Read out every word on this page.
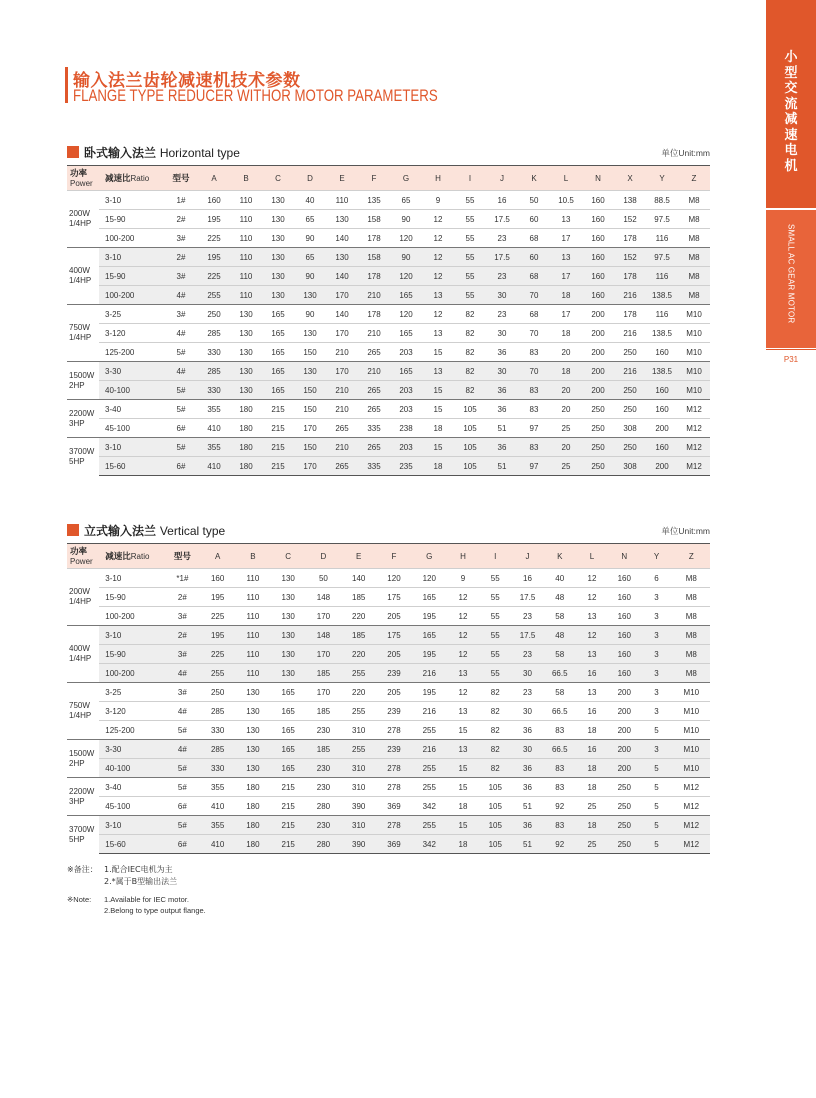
小
型
交
流
减
速
电
机
SMALL AC GEAR MOTOR
P31
输入法兰齿轮减速机技术参数
FLANGE TYPE REDUCER WITHOR MOTOR PARAMETERS
卧式输入法兰 Horizontal type	单位Unit:mm
功率
Power	减速比Ratio	型号	A	B	C	D	E	F	G	H	I	J	K	L	N	X	Y	Z
200W
1/4HP	3-10	1#	160	110	130	40	110	135	65	9	55	16	50	10.5	160	138	88.5	M8
	15-90	2#	195	110	130	65	130	158	90	12	55	17.5	60	13	160	152	97.5	M8
	100-200	3#	225	110	130	90	140	178	120	12	55	23	68	17	160	178	116	M8
400W
1/4HP	3-10	2#	195	110	130	65	130	158	90	12	55	17.5	60	13	160	152	97.5	M8
	15-90	3#	225	110	130	90	140	178	120	12	55	23	68	17	160	178	116	M8
	100-200	4#	255	110	130	130	170	210	165	13	55	30	70	18	160	216	138.5	M8
750W
1/4HP	3-25	3#	250	130	165	90	140	178	120	12	82	23	68	17	200	178	116	M10
	3-120	4#	285	130	165	130	170	210	165	13	82	30	70	18	200	216	138.5	M10
	125-200	5#	330	130	165	150	210	265	203	15	82	36	83	20	200	250	160	M10
1500W
2HP	3-30	4#	285	130	165	130	170	210	165	13	82	30	70	18	200	216	138.5	M10
	40-100	5#	330	130	165	150	210	265	203	15	82	36	83	20	200	250	160	M10
2200W
3HP	3-40	5#	355	180	215	150	210	265	203	15	105	36	83	20	250	250	160	M12
	45-100	6#	410	180	215	170	265	335	238	18	105	51	97	25	250	308	200	M12
3700W
5HP	3-10	5#	355	180	215	150	210	265	203	15	105	36	83	20	250	250	160	M12
	15-60	6#	410	180	215	170	265	335	235	18	105	51	97	25	250	308	200	M12
立式输入法兰 Vertical type	单位Unit:mm
功率
Power	减速比Ratio	型号	A	B	C	D	E	F	G	H	I	J	K	L	N	Y	Z
200W
1/4HP	3-10	*1#	160	110	130	50	140	120	120	9	55	16	40	12	160	6	M8
	15-90	2#	195	110	130	148	185	175	165	12	55	17.5	48	12	160	3	M8
	100-200	3#	225	110	130	170	220	205	195	12	55	23	58	13	160	3	M8
400W
1/4HP	3-10	2#	195	110	130	148	185	175	165	12	55	17.5	48	12	160	3	M8
	15-90	3#	225	110	130	170	220	205	195	12	55	23	58	13	160	3	M8
	100-200	4#	255	110	130	185	255	239	216	13	55	30	66.5	16	160	3	M8
750W
1/4HP	3-25	3#	250	130	165	170	220	205	195	12	82	23	58	13	200	3	M10
	3-120	4#	285	130	165	185	255	239	216	13	82	30	66.5	16	200	3	M10
	125-200	5#	330	130	165	230	310	278	255	15	82	36	83	18	200	5	M10
1500W
2HP	3-30	4#	285	130	165	185	255	239	216	13	82	30	66.5	16	200	3	M10
	40-100	5#	330	130	165	230	310	278	255	15	82	36	83	18	200	5	M10
2200W
3HP	3-40	5#	355	180	215	230	310	278	255	15	105	36	83	18	250	5	M12
	45-100	6#	410	180	215	280	390	369	342	18	105	51	92	25	250	5	M12
3700W
5HP	3-10	5#	355	180	215	230	310	278	255	15	105	36	83	18	250	5	M12
	15-60	6#	410	180	215	280	390	369	342	18	105	51	92	25	250	5	M12
※备注： 1.配合IEC电机为主
2.*属于B型输出法兰
※Note:	1.Available for IEC motor.
2.Belong to type output flange.
